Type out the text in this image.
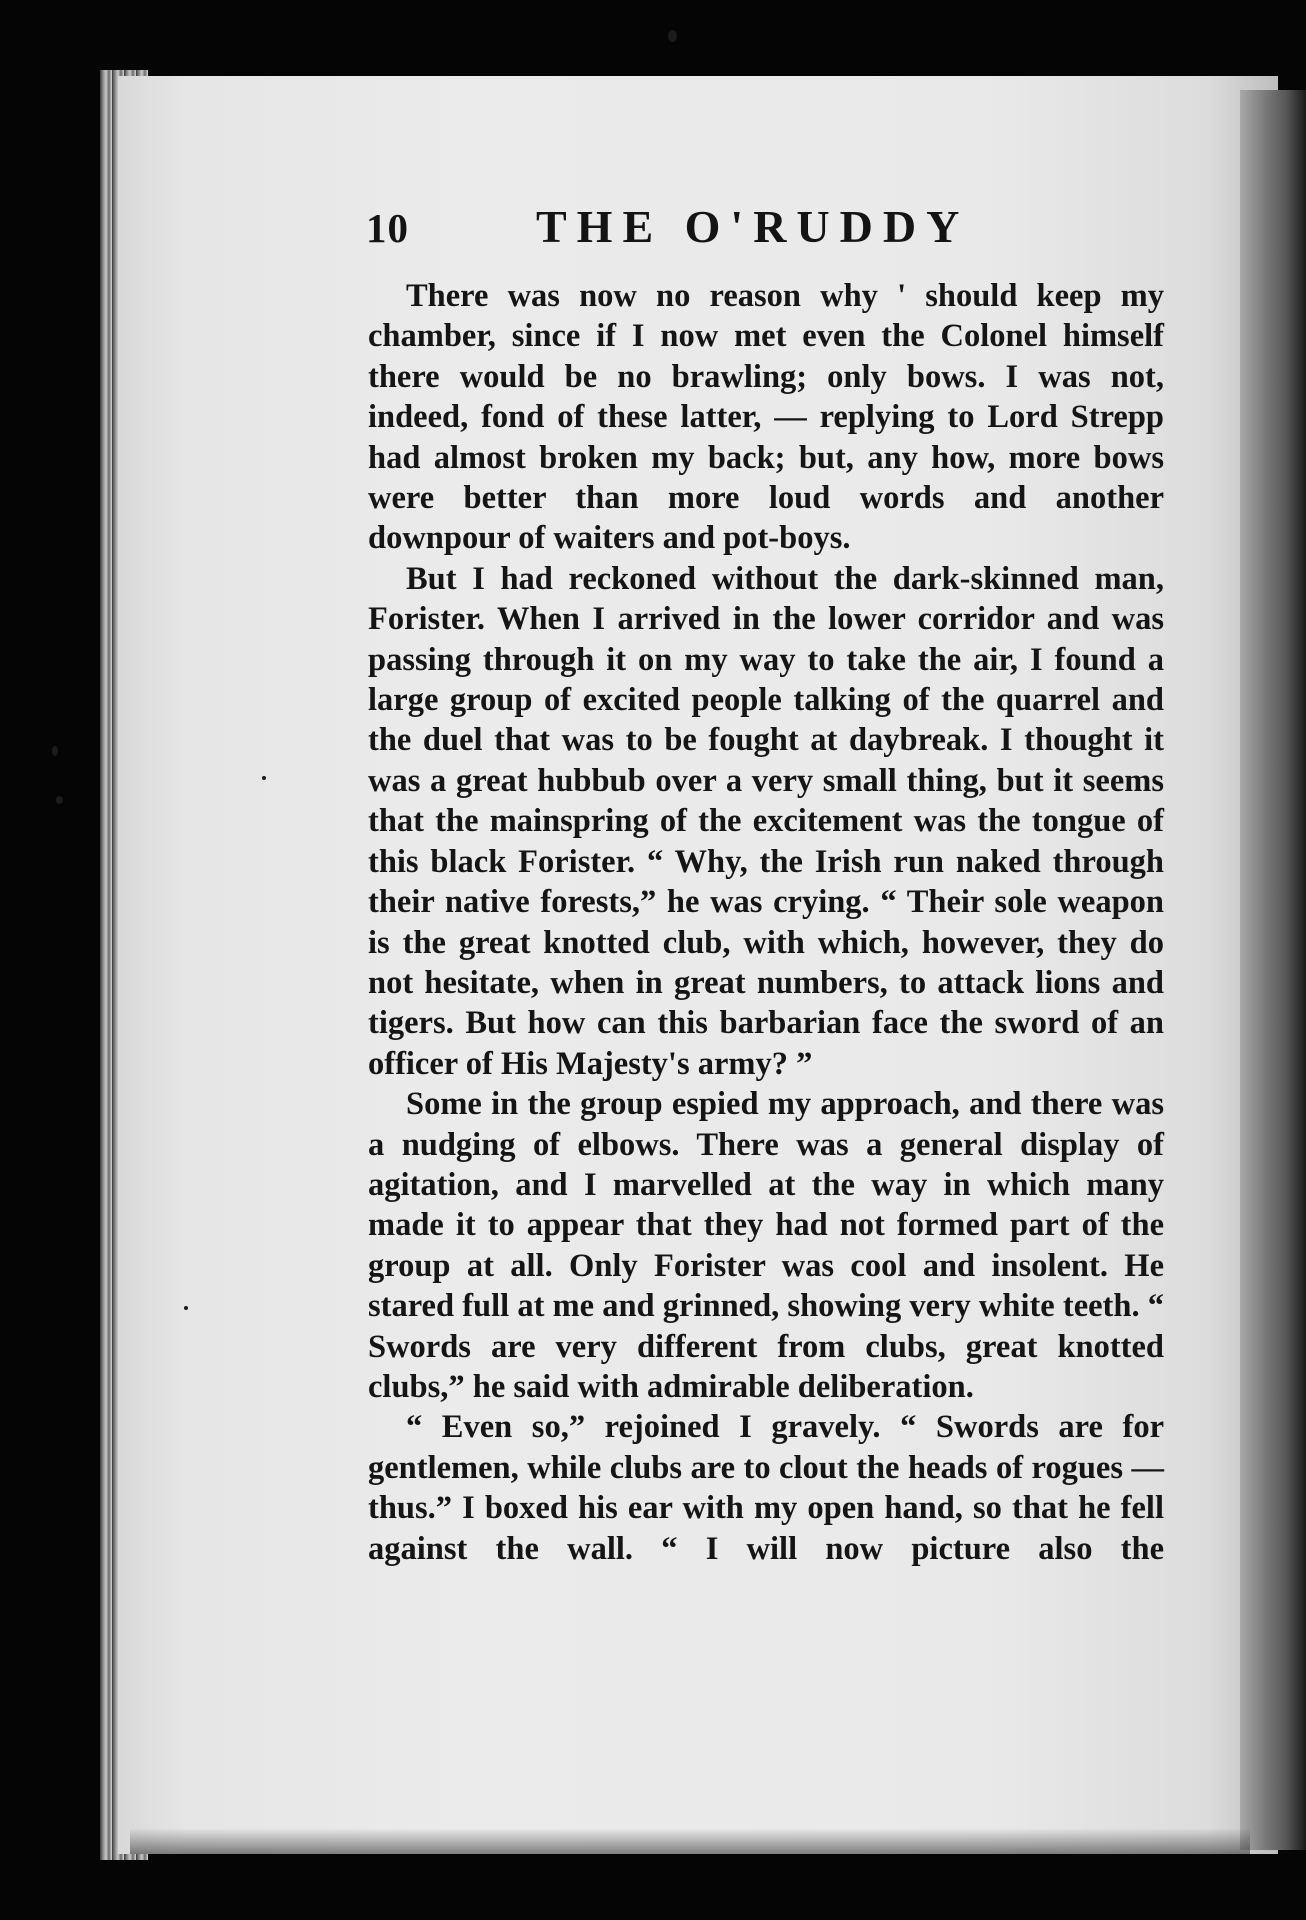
10	THE O'RUDDY

There was now no reason why ' should keep my chamber, since if I now met even the Colonel himself there would be no brawling; only bows. I was not, indeed, fond of these latter, — replying to Lord Strepp had almost broken my back; but, any how, more bows were better than more loud words and another downpour of waiters and pot-boys.

But I had reckoned without the dark-skinned man, Forister. When I arrived in the lower corridor and was passing through it on my way to take the air, I found a large group of excited people talking of the quarrel and the duel that was to be fought at daybreak. I thought it was a great hubbub over a very small thing, but it seems that the mainspring of the excitement was the tongue of this black Forister. “ Why, the Irish run naked through their native forests,” he was crying. “ Their sole weapon is the great knotted club, with which, however, they do not hesitate, when in great numbers, to attack lions and tigers. But how can this barbarian face the sword of an officer of His Majesty's army? ”

Some in the group espied my approach, and there was a nudging of elbows. There was a general display of agitation, and I marvelled at the way in which many made it to appear that they had not formed part of the group at all. Only Forister was cool and insolent. He stared full at me and grinned, showing very white teeth. “ Swords are very different from clubs, great knotted clubs,” he said with admirable deliberation.

“ Even so,” rejoined I gravely. “ Swords are for gentlemen, while clubs are to clout the heads of rogues — thus.” I boxed his ear with my open hand, so that he fell against the wall. “ I will now picture also the
